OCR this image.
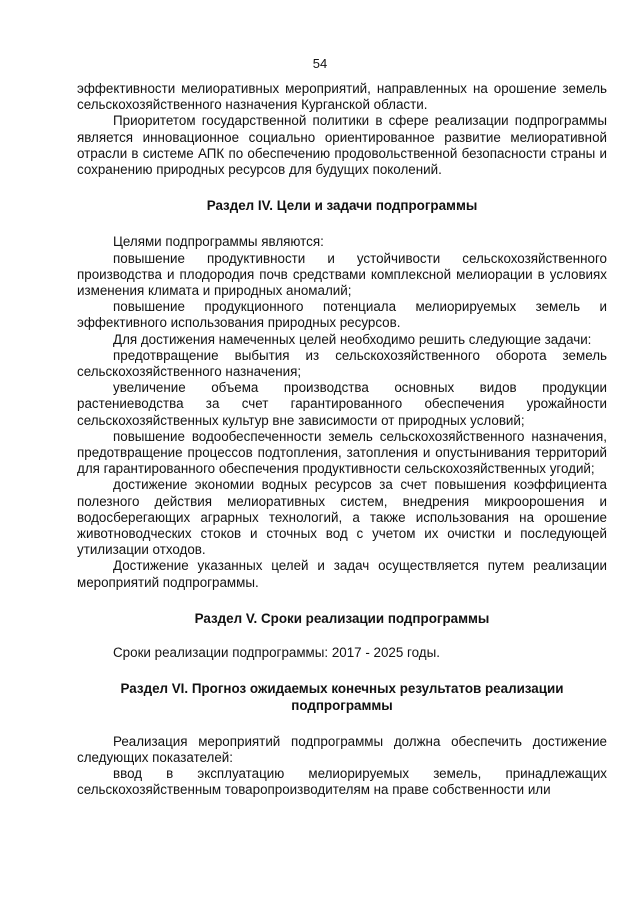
54

эффективности мелиоративных мероприятий, направленных на орошение земель сельскохозяйственного назначения Курганской области.

Приоритетом государственной политики в сфере реализации подпрограммы является инновационное социально ориентированное развитие мелиоративной отрасли в системе АПК по обеспечению продовольственной безопасности страны и сохранению природных ресурсов для будущих поколений.

Раздел IV. Цели и задачи подпрограммы

Целями подпрограммы являются:

повышение продуктивности и устойчивости сельскохозяйственного производства и плодородия почв средствами комплексной мелиорации в условиях изменения климата и природных аномалий;

повышение продукционного потенциала мелиорируемых земель и эффективного использования природных ресурсов.

Для достижения намеченных целей необходимо решить следующие задачи:

предотвращение выбытия из сельскохозяйственного оборота земель сельскохозяйственного назначения;

увеличение объема производства основных видов продукции растениеводства за счет гарантированного обеспечения урожайности сельскохозяйственных культур вне зависимости от природных условий;

повышение водообеспеченности земель сельскохозяйственного назначения, предотвращение процессов подтопления, затопления и опустынивания территорий для гарантированного обеспечения продуктивности сельскохозяйственных угодий;

достижение экономии водных ресурсов за счет повышения коэффициента полезного действия мелиоративных систем, внедрения микроорошения и водосберегающих аграрных технологий, а также использования на орошение животноводческих стоков и сточных вод с учетом их очистки и последующей утилизации отходов.

Достижение указанных целей и задач осуществляется путем реализации мероприятий подпрограммы.

Раздел V. Сроки реализации подпрограммы

Сроки реализации подпрограммы: 2017 - 2025 годы.

Раздел VI. Прогноз ожидаемых конечных результатов реализации подпрограммы

Реализация мероприятий подпрограммы должна обеспечить достижение следующих показателей:

ввод в эксплуатацию мелиорируемых земель, принадлежащих сельскохозяйственным товаропроизводителям на праве собственности или
